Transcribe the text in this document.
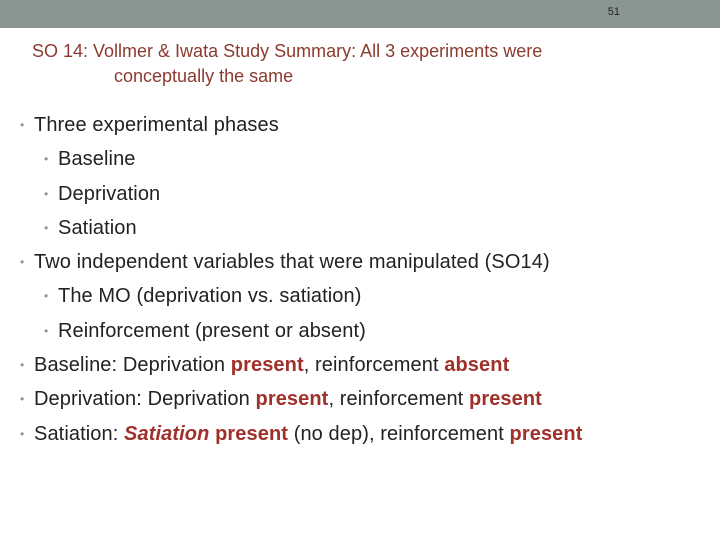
51
SO 14: Vollmer & Iwata Study Summary: All 3 experiments were
conceptually the same
• Three experimental phases
• Baseline
• Deprivation
• Satiation
• Two independent variables that were manipulated (SO14)
• The MO (deprivation vs. satiation)
• Reinforcement (present or absent)
• Baseline: Deprivation present, reinforcement absent
• Deprivation: Deprivation present, reinforcement present
• Satiation: Satiation present (no dep), reinforcement present
